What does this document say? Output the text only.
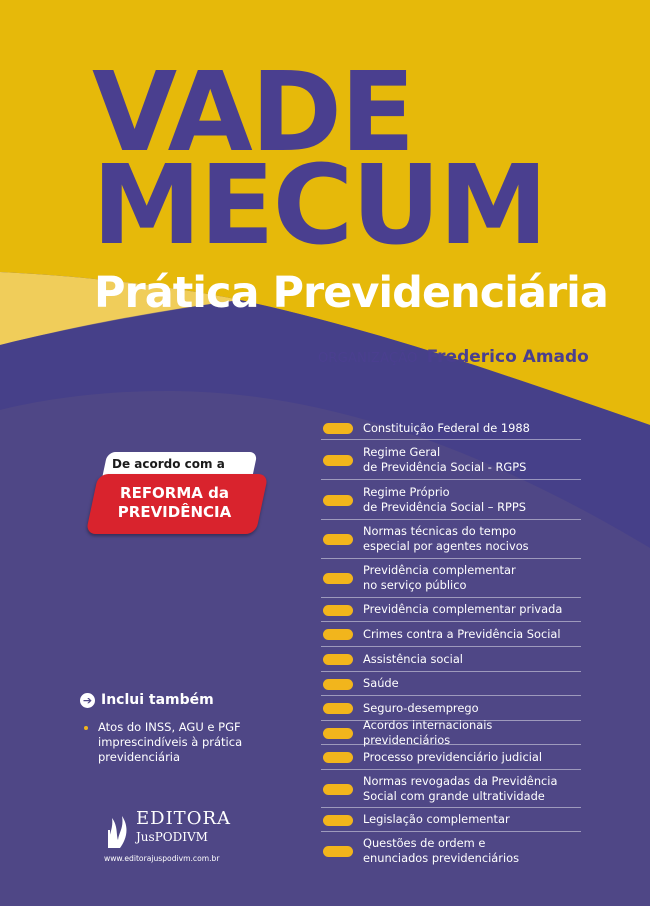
VADE
MECUM
Prática Previdenciária
ORGANIZAÇÃO Frederico Amado
De acordo com a
REFORMA da
PREVIDÊNCIA
Constituição Federal de 1988
Regime Geral
de Previdência Social - RGPS
Regime Próprio
de Previdência Social – RPPS
Normas técnicas do tempo
especial por agentes nocivos
Previdência complementar
no serviço público
Previdência complementar privada
Crimes contra a Previdência Social
Assistência social
Saúde
Seguro-desemprego
Acordos internacionais previdenciários
Processo previdenciário judicial
Normas revogadas da Previdência
Social com grande ultratividade
Legislação complementar
Questões de ordem e
enunciados previdenciários
➔ Inclui também
Atos do INSS, AGU e PGF
imprescindíveis à prática
previdenciária
EDITORA
JusPODIVM
www.editorajuspodivm.com.br
